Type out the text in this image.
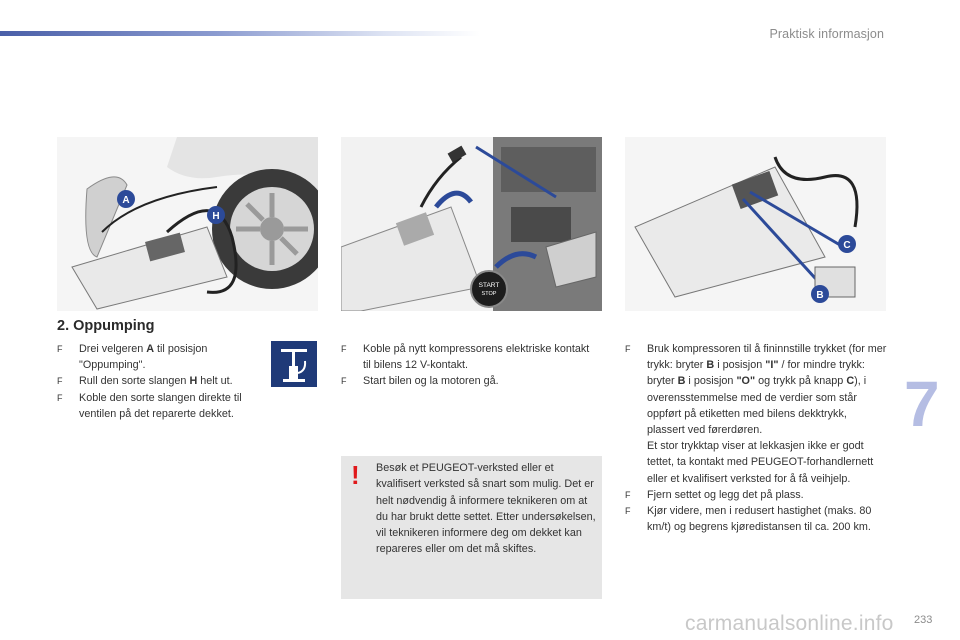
Praktisk informasjon
A
H
START
STOP
C
B
2. Oppumping
F Drei velgeren A til posisjon "Oppumping".
F Rull den sorte slangen H helt ut.
F Koble den sorte slangen direkte til ventilen på det reparerte dekket.
F Koble på nytt kompressorens elektriske kontakt til bilens 12 V-kontakt.
F Start bilen og la motoren gå.
! Besøk et PEUGEOT-verksted eller et kvalifisert verksted så snart som mulig. Det er helt nødvendig å informere teknikeren om at du har brukt dette settet. Etter undersøkelsen, vil teknikeren informere deg om dekket kan repareres eller om det må skiftes.
F Bruk kompressoren til å fininnstille trykket (for mer trykk: bryter B i posisjon "I" / for mindre trykk: bryter B i posisjon "O" og trykk på knapp C), i overensstemmelse med de verdier som står oppført på etiketten med bilens dekktrykk, plassert ved førerdøren.
Et stor trykktap viser at lekkasjen ikke er godt tettet, ta kontakt med PEUGEOT-forhandlernett eller et kvalifisert verksted for å få veihjelp.
F Fjern settet og legg det på plass.
F Kjør videre, men i redusert hastighet (maks. 80 km/t) og begrens kjøredistansen til ca. 200 km.
7
carmanualsonline.info 233
